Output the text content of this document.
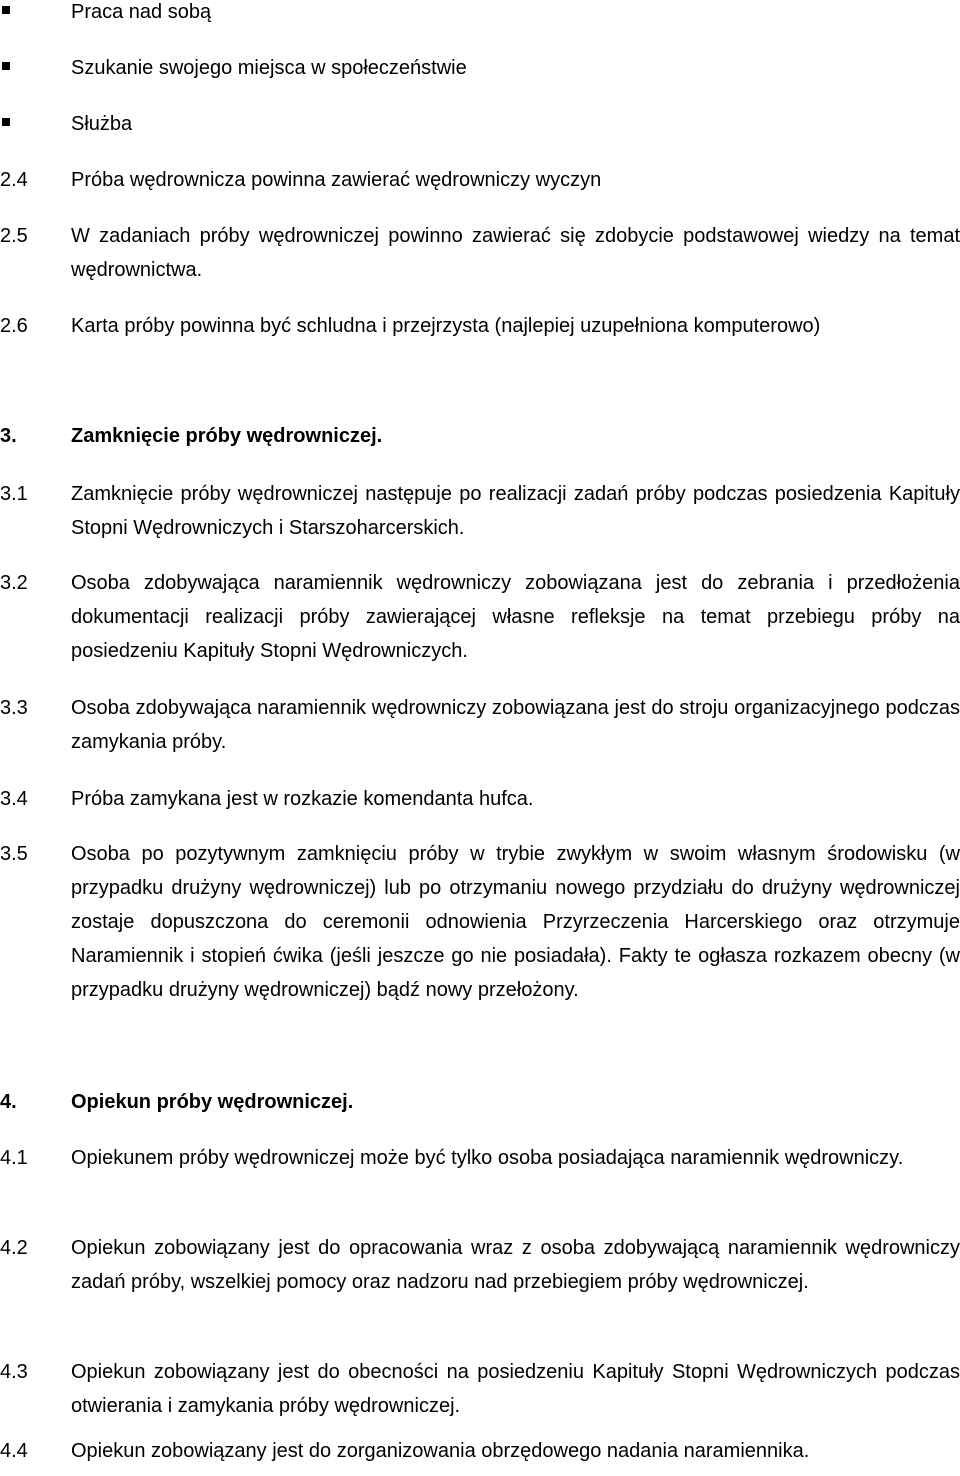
Praca nad sobą
Szukanie swojego miejsca w społeczeństwie
Służba
2.4 Próba wędrownicza powinna zawierać wędrowniczy wyczyn
2.5 W zadaniach próby wędrowniczej powinno zawierać się zdobycie podstawowej wiedzy na temat wędrownictwa.
2.6 Karta próby powinna być schludna i przejrzysta (najlepiej uzupełniona komputerowo)
3.	Zamknięcie próby wędrowniczej.
3.1 Zamknięcie próby wędrowniczej następuje po realizacji zadań próby podczas posiedzenia Kapituły Stopni Wędrowniczych i Starszoharcerskich.
3.2 Osoba zdobywająca naramiennik wędrowniczy zobowiązana jest do zebrania i przedłożenia dokumentacji realizacji próby zawierającej własne refleksje na temat przebiegu próby na posiedzeniu Kapituły Stopni Wędrowniczych.
3.3 Osoba zdobywająca naramiennik wędrowniczy zobowiązana jest do stroju organizacyjnego podczas zamykania próby.
3.4 Próba zamykana jest w rozkazie komendanta hufca.
3.5 Osoba po pozytywnym zamknięciu próby w trybie zwykłym w swoim własnym środowisku (w przypadku drużyny wędrowniczej) lub po otrzymaniu nowego przydziału do drużyny wędrowniczej zostaje dopuszczona do ceremonii odnowienia Przyrzeczenia Harcerskiego oraz otrzymuje Naramiennik i stopień ćwika (jeśli jeszcze go nie posiadała). Fakty te ogłasza rozkazem obecny (w przypadku drużyny wędrowniczej) bądź nowy przełożony.
4.	Opiekun próby wędrowniczej.
4.1 Opiekunem próby wędrowniczej może być tylko osoba posiadająca naramiennik wędrowniczy.
4.2 Opiekun zobowiązany jest do opracowania wraz z osoba zdobywającą naramiennik wędrowniczy zadań próby, wszelkiej pomocy oraz nadzoru nad przebiegiem próby wędrowniczej.
4.3 Opiekun zobowiązany jest do obecności na posiedzeniu Kapituły Stopni Wędrowniczych podczas otwierania i zamykania próby wędrowniczej.
4.4 Opiekun zobowiązany jest do zorganizowania obrzędowego nadania naramiennika.
